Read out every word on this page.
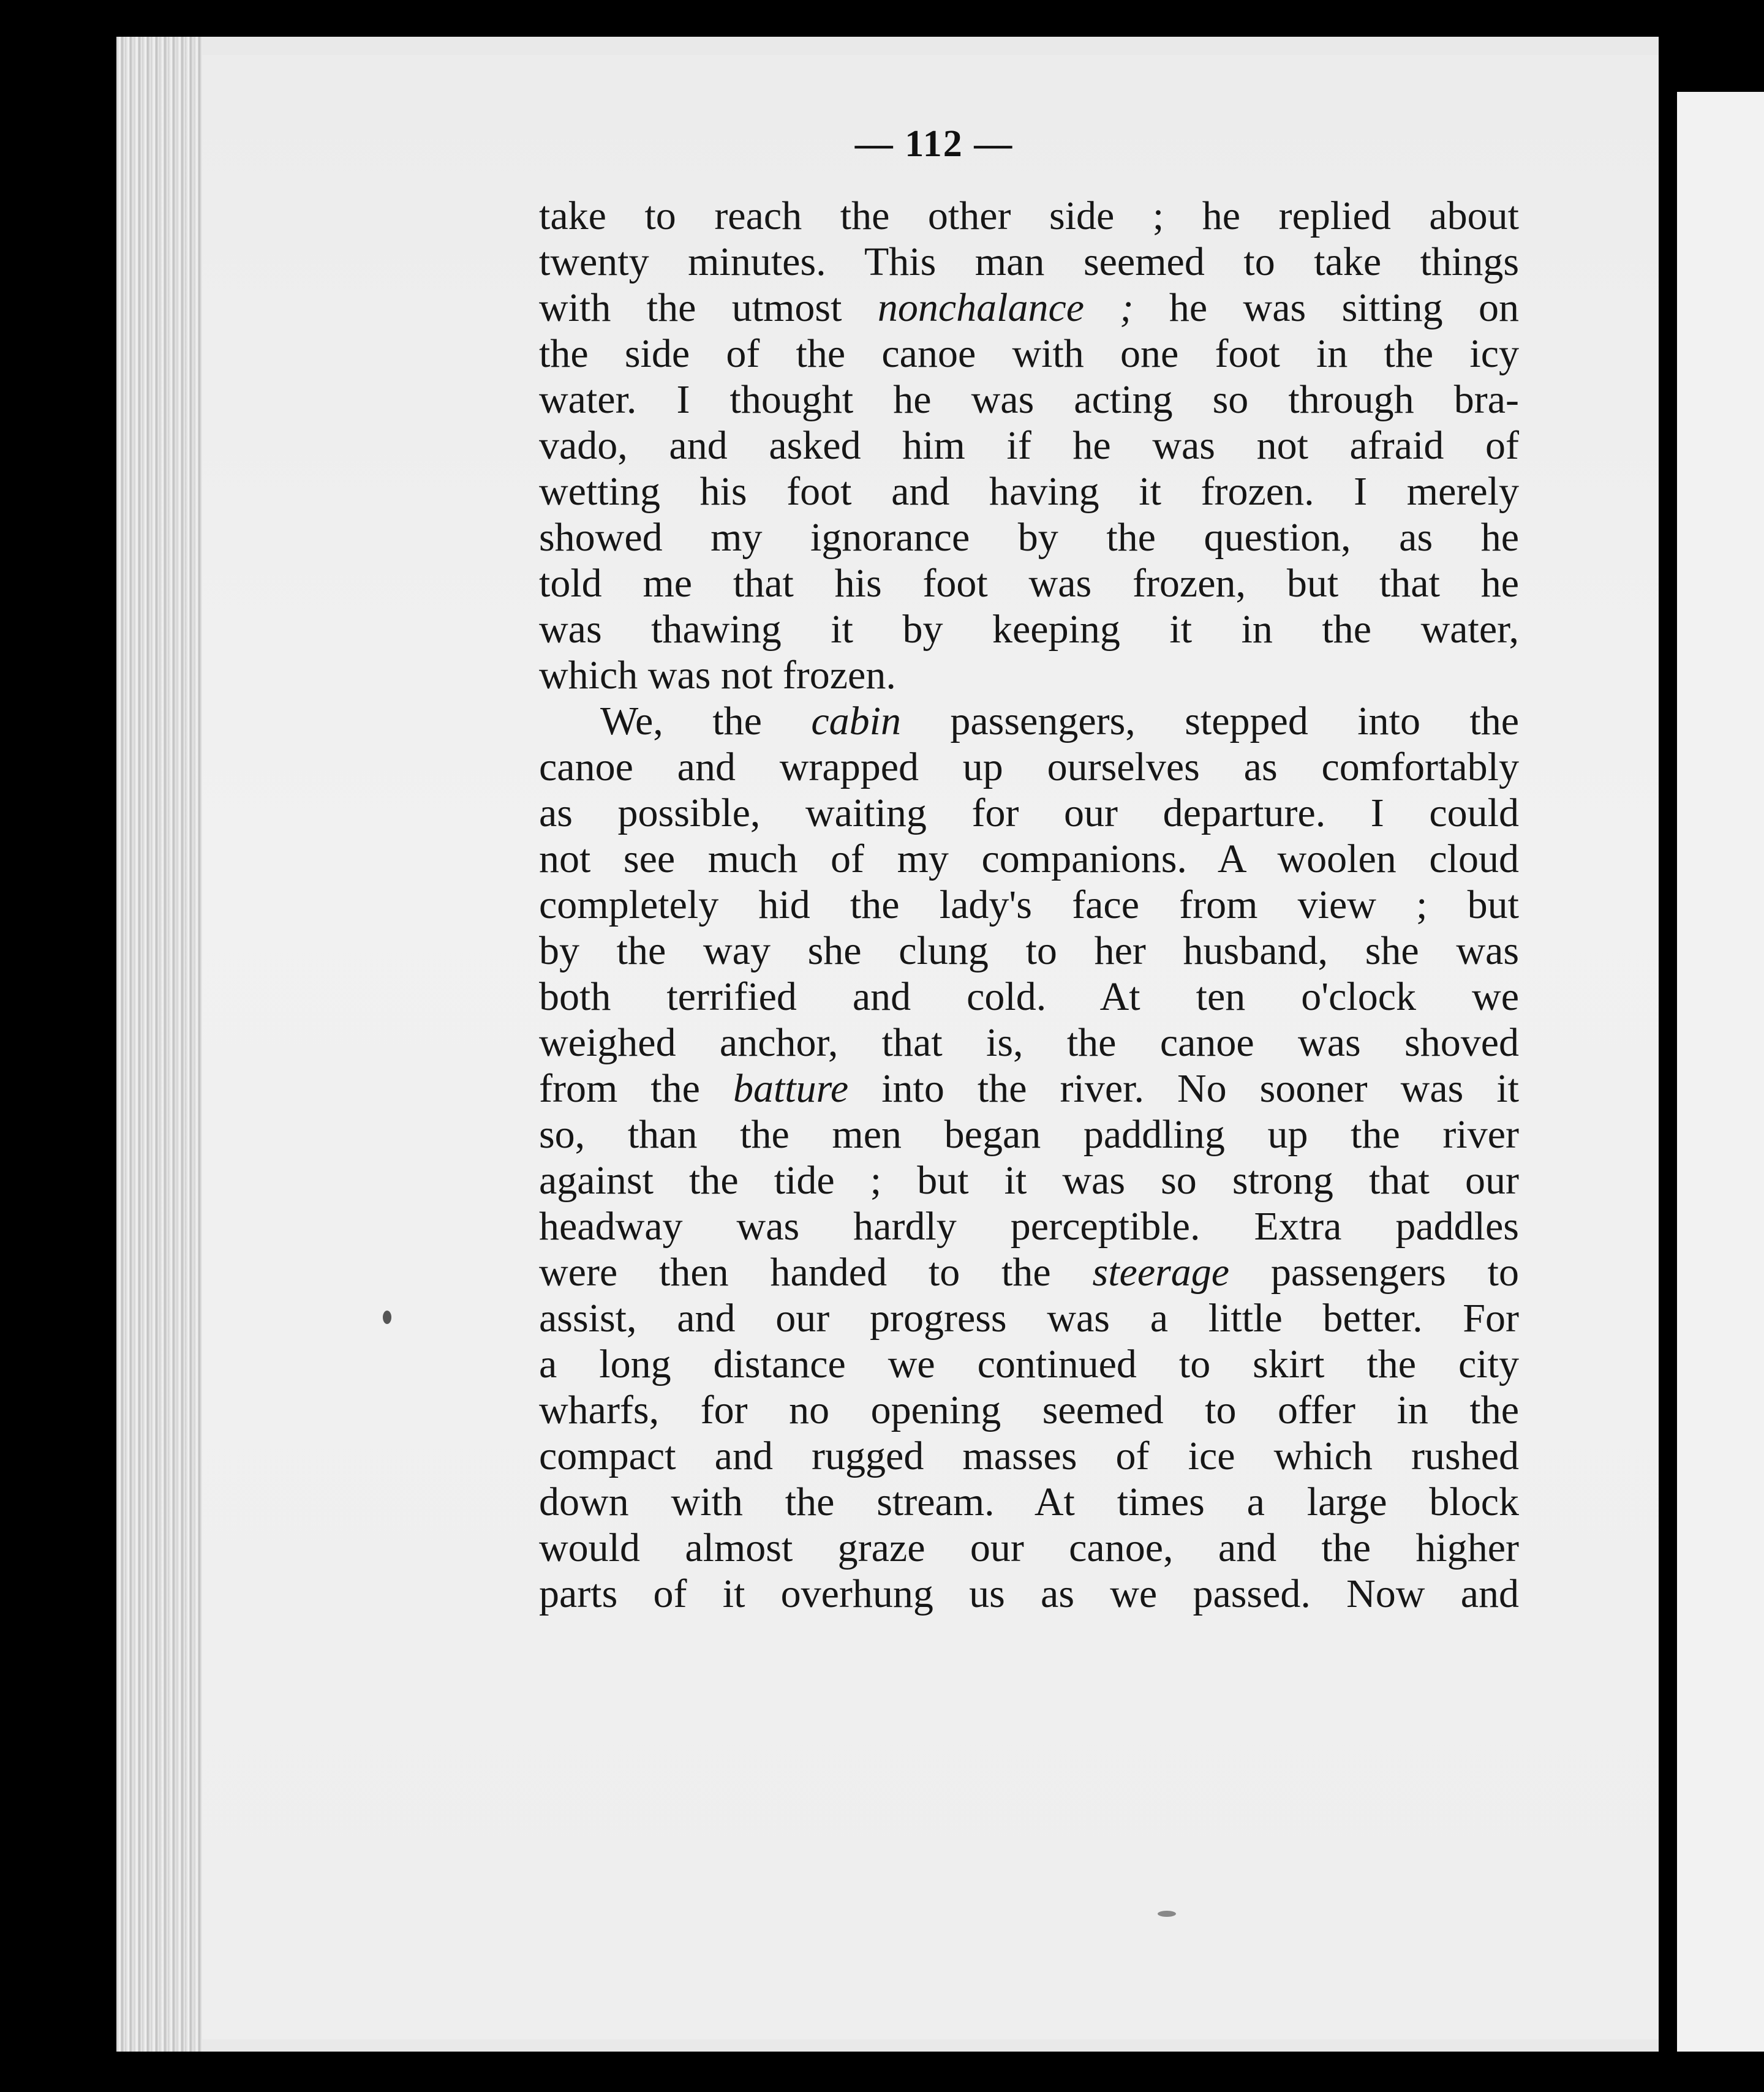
— 112 —
take to reach the other side ; he replied about
twenty minutes. This man seemed to take things
with the utmost nonchalance ; he was sitting on
the side of the canoe with one foot in the icy
water. I thought he was acting so through bra-
vado, and asked him if he was not afraid of
wetting his foot and having it frozen. I merely
showed my ignorance by the question, as he
told me that his foot was frozen, but that he
was thawing it by keeping it in the water,
which was not frozen.
We, the cabin passengers, stepped into the
canoe and wrapped up ourselves as comfortably
as possible, waiting for our departure. I could
not see much of my companions. A woolen cloud
completely hid the lady's face from view ; but
by the way she clung to her husband, she was
both terrified and cold. At ten o'clock we
weighed anchor, that is, the canoe was shoved
from the batture into the river. No sooner was it
so, than the men began paddling up the river
against the tide ; but it was so strong that our
headway was hardly perceptible. Extra paddles
were then handed to the steerage passengers to
assist, and our progress was a little better. For
a long distance we continued to skirt the city
wharfs, for no opening seemed to offer in the
compact and rugged masses of ice which rushed
down with the stream. At times a large block
would almost graze our canoe, and the higher
parts of it overhung us as we passed. Now and
